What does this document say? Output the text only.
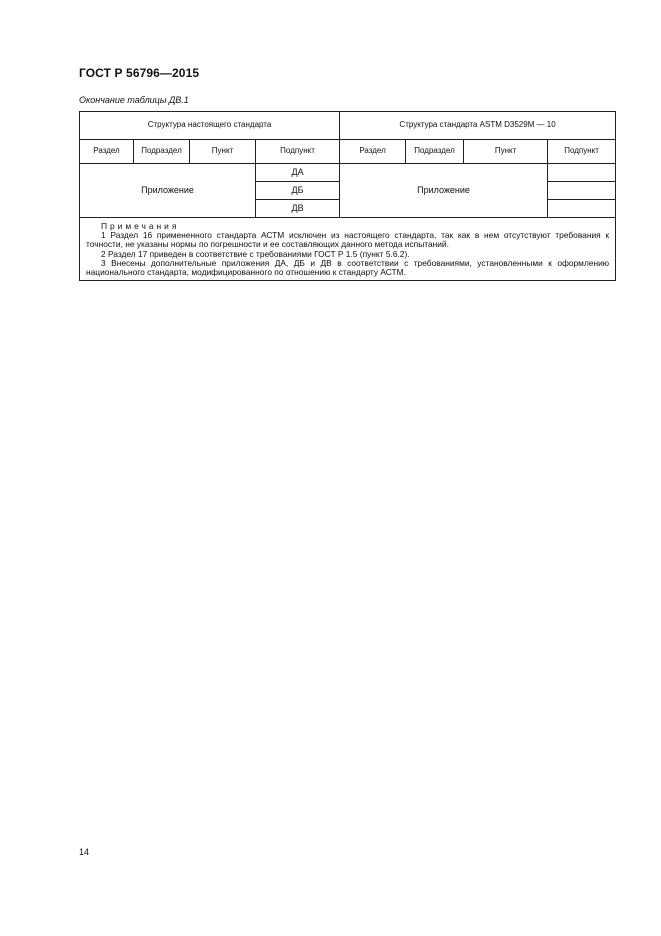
ГОСТ Р 56796—2015
Окончание таблицы ДВ.1
Структура настоящего стандарта				Структура стандарта ASTM D3529M — 10			
Раздел	Подраздел	Пункт	Подпункт	Раздел	Подраздел	Пункт	Подпункт
Приложение			ДА	Приложение			
			ДБ				
			ДВ				

Примечания
1 Раздел 16 примененного стандарта АСТМ исключен из настоящего стандарта, так как в нем отсутствуют требования к точности, не указаны нормы по погрешности и ее составляющих данного метода испытаний.
2 Раздел 17 приведен в соответствие с требованиями ГОСТ Р 1.5 (пункт 5.6.2).
3 Внесены дополнительные приложения ДА, ДБ и ДВ в соответствии с требованиями, установленными к оформлению национального стандарта, модифицированного по отношению к стандарту АСТМ.							
14
